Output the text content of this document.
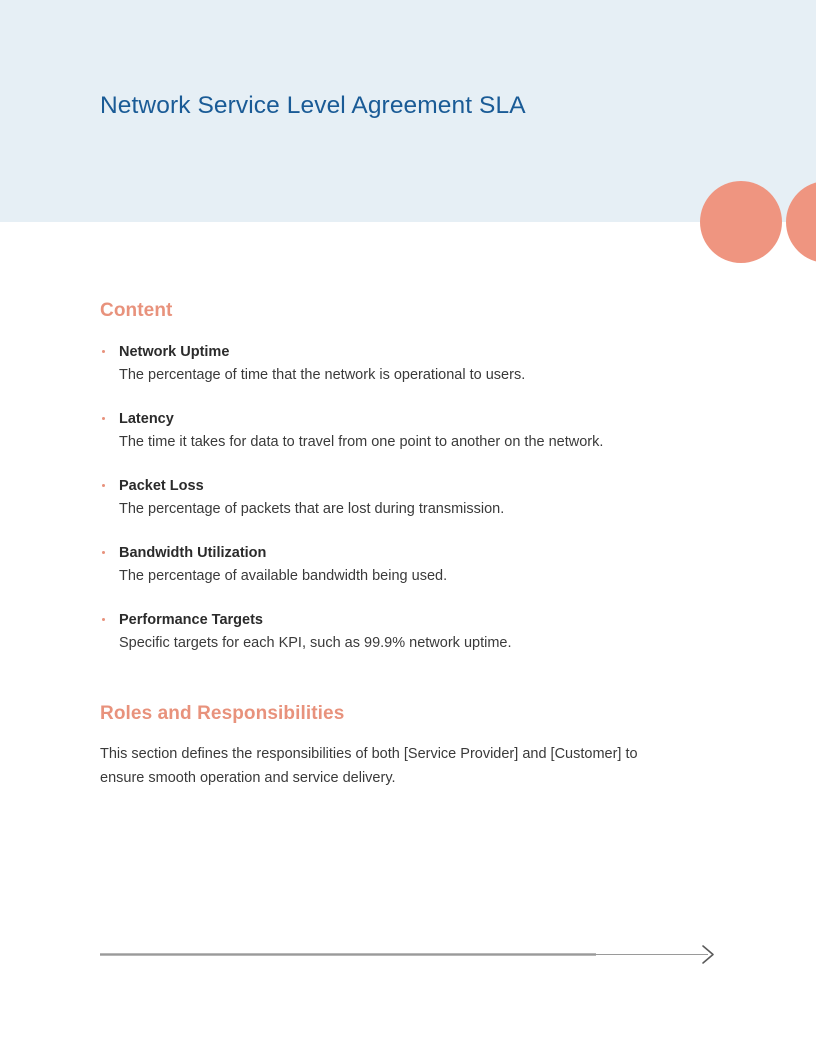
Network Service Level Agreement SLA
Content
Network Uptime
The percentage of time that the network is operational to users.
Latency
The time it takes for data to travel from one point to another on the network.
Packet Loss
The percentage of packets that are lost during transmission.
Bandwidth Utilization
The percentage of available bandwidth being used.
Performance Targets
Specific targets for each KPI, such as 99.9% network uptime.
Roles and Responsibilities

This section defines the responsibilities of both [Service Provider] and [Customer] to ensure smooth operation and service delivery.
